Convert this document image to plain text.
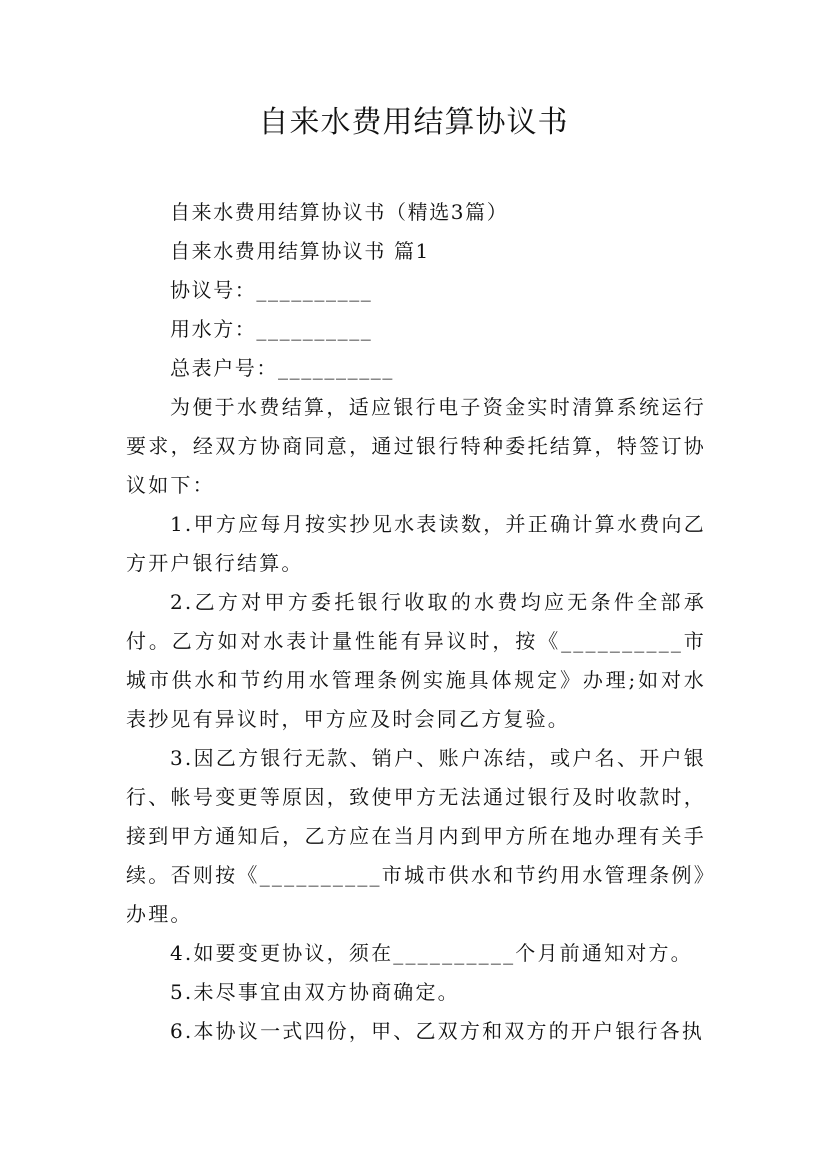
自来水费用结算协议书

自来水费用结算协议书（精选3篇）

自来水费用结算协议书 篇1

协议号：__________

用水方：__________

总表户号：__________

为便于水费结算，适应银行电子资金实时清算系统运行要求，经双方协商同意，通过银行特种委托结算，特签订协议如下：

1.甲方应每月按实抄见水表读数，并正确计算水费向乙方开户银行结算。

2.乙方对甲方委托银行收取的水费均应无条件全部承付。乙方如对水表计量性能有异议时，按《__________市城市供水和节约用水管理条例实施具体规定》办理;如对水表抄见有异议时，甲方应及时会同乙方复验。

3.因乙方银行无款、销户、账户冻结，或户名、开户银行、帐号变更等原因，致使甲方无法通过银行及时收款时，接到甲方通知后，乙方应在当月内到甲方所在地办理有关手续。否则按《__________市城市供水和节约用水管理条例》办理。

4.如要变更协议，须在__________个月前通知对方。

5.未尽事宜由双方协商确定。

6.本协议一式四份，甲、乙双方和双方的开户银行各执
